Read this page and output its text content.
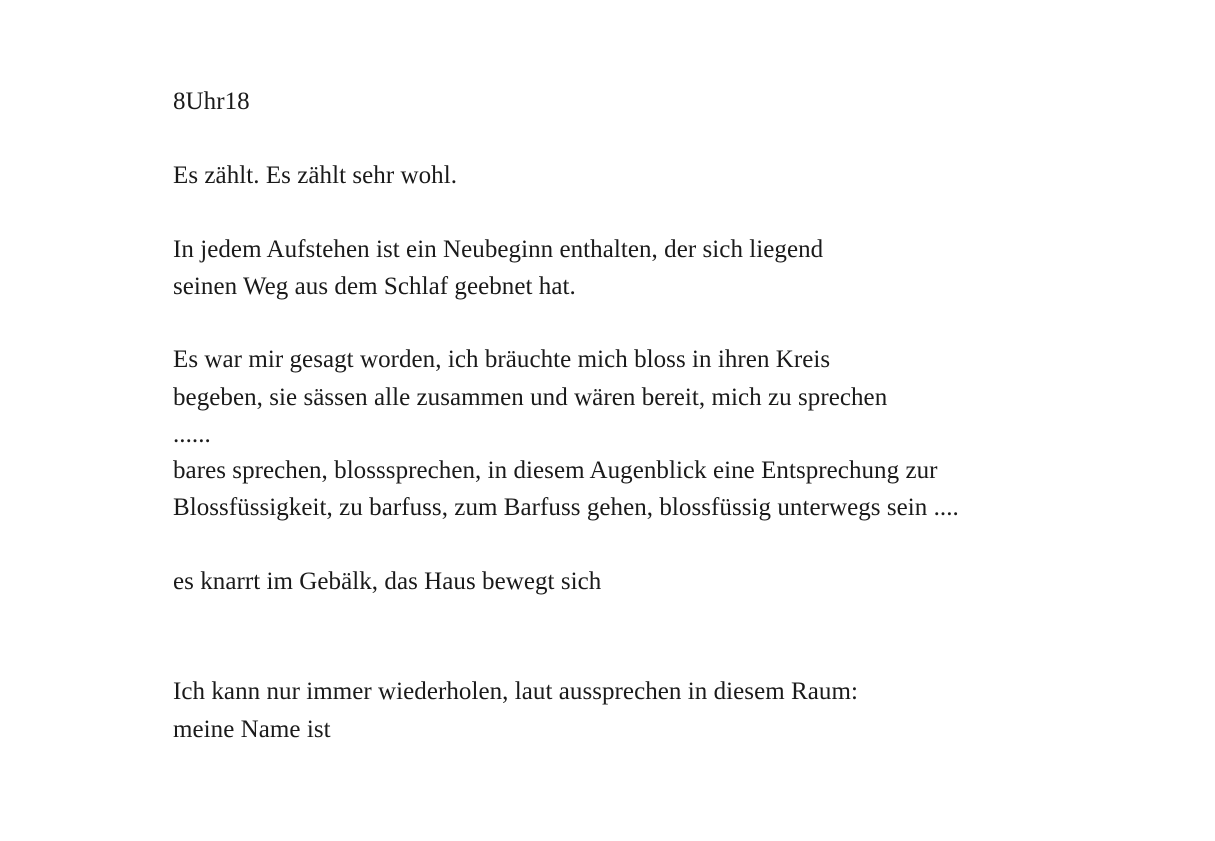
8Uhr18
Es zählt. Es zählt sehr wohl.
In jedem Aufstehen ist ein Neubeginn enthalten, der sich liegend
seinen Weg aus dem Schlaf geebnet hat.
Es war mir gesagt worden, ich bräuchte mich bloss in ihren Kreis
begeben, sie sässen alle zusammen und wären bereit, mich zu sprechen
......
bares sprechen, blosssprechen, in diesem Augenblick eine Entsprechung zur
Blossfüssigkeit, zu barfuss, zum Barfuss gehen, blossfüssig unterwegs sein ....
es knarrt im Gebälk, das Haus bewegt sich
Ich kann nur immer wiederholen, laut aussprechen in diesem Raum:
meine Name ist
